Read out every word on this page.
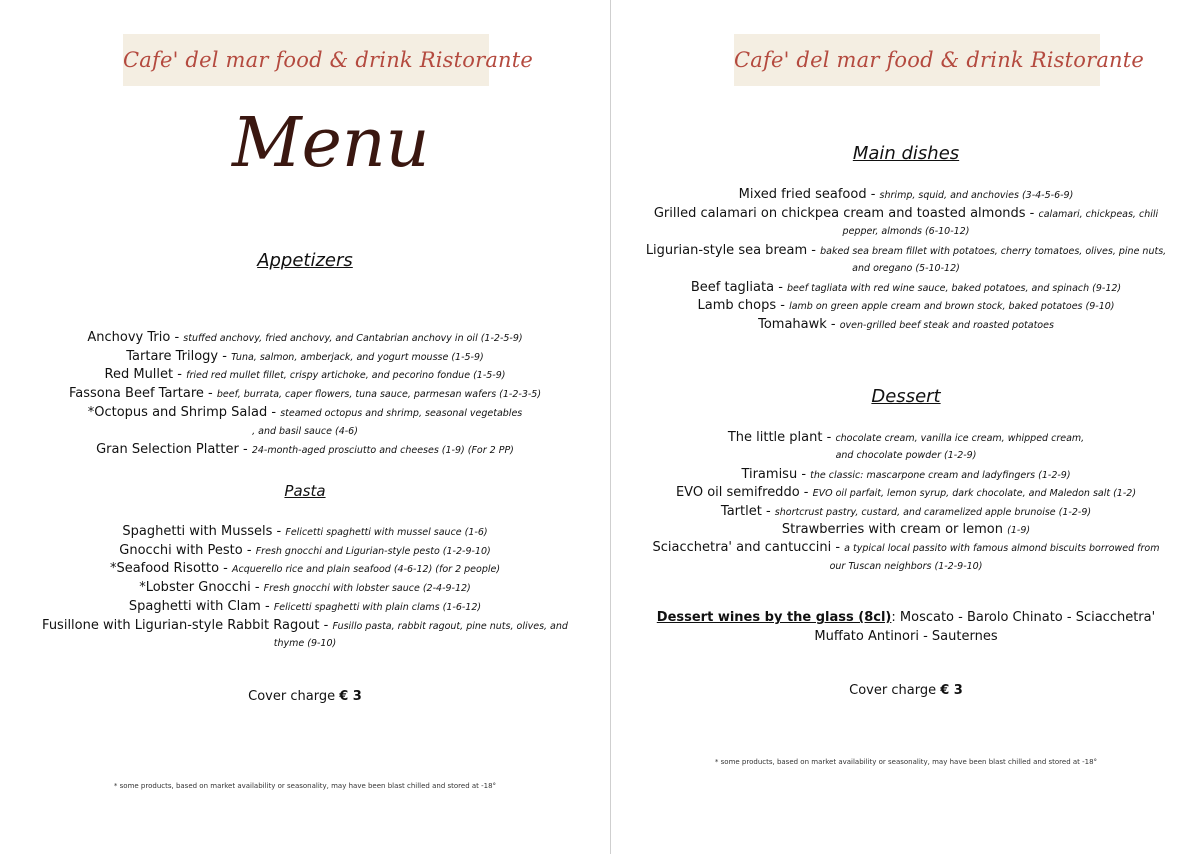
Cafe' del mar food & drink Ristorante
Menu
Appetizers
Anchovy Trio - stuffed anchovy, fried anchovy, and Cantabrian anchovy in oil (1-2-5-9)
Tartare Trilogy - Tuna, salmon, amberjack, and yogurt mousse (1-5-9)
Red Mullet - fried red mullet fillet, crispy artichoke, and pecorino fondue (1-5-9)
Fassona Beef Tartare - beef, burrata, caper flowers, tuna sauce, parmesan wafers (1-2-3-5)
*Octopus and Shrimp Salad - steamed octopus and shrimp, seasonal vegetables
, and basil sauce (4-6)
Gran Selection Platter - 24-month-aged prosciutto and cheeses (1-9) (For 2 PP)
Pasta
Spaghetti with Mussels - Felicetti spaghetti with mussel sauce (1-6)
Gnocchi with Pesto - Fresh gnocchi and Ligurian-style pesto (1-2-9-10)
*Seafood Risotto - Acquerello rice and plain seafood (4-6-12) (for 2 people)
*Lobster Gnocchi - Fresh gnocchi with lobster sauce (2-4-9-12)
Spaghetti with Clam - Felicetti spaghetti with plain clams (1-6-12)
Fusillone with Ligurian-style Rabbit Ragout - Fusillo pasta, rabbit ragout, pine nuts, olives, and
thyme (9-10)
Cover charge € 3
* some products, based on market availability or seasonality, may have been blast chilled and stored at -18°
Cafe' del mar food & drink Ristorante
Main dishes
Mixed fried seafood - shrimp, squid, and anchovies (3-4-5-6-9)
Grilled calamari on chickpea cream and toasted almonds - calamari, chickpeas, chili
pepper, almonds (6-10-12)
Ligurian-style sea bream - baked sea bream fillet with potatoes, cherry tomatoes, olives, pine nuts,
and oregano (5-10-12)
Beef tagliata - beef tagliata with red wine sauce, baked potatoes, and spinach (9-12)
Lamb chops - lamb on green apple cream and brown stock, baked potatoes (9-10)
Tomahawk - oven-grilled beef steak and roasted potatoes
Dessert
The little plant - chocolate cream, vanilla ice cream, whipped cream,
and chocolate powder (1-2-9)
Tiramisu - the classic: mascarpone cream and ladyfingers (1-2-9)
EVO oil semifreddo - EVO oil parfait, lemon syrup, dark chocolate, and Maledon salt (1-2)
Tartlet - shortcrust pastry, custard, and caramelized apple brunoise (1-2-9)
Strawberries with cream or lemon (1-9)
Sciacchetra' and cantuccini - a typical local passito with famous almond biscuits borrowed from
our Tuscan neighbors (1-2-9-10)
Dessert wines by the glass (8cl): Moscato - Barolo Chinato - Sciacchetra'
Muffato Antinori - Sauternes
Cover charge € 3
* some products, based on market availability or seasonality, may have been blast chilled and stored at -18°
